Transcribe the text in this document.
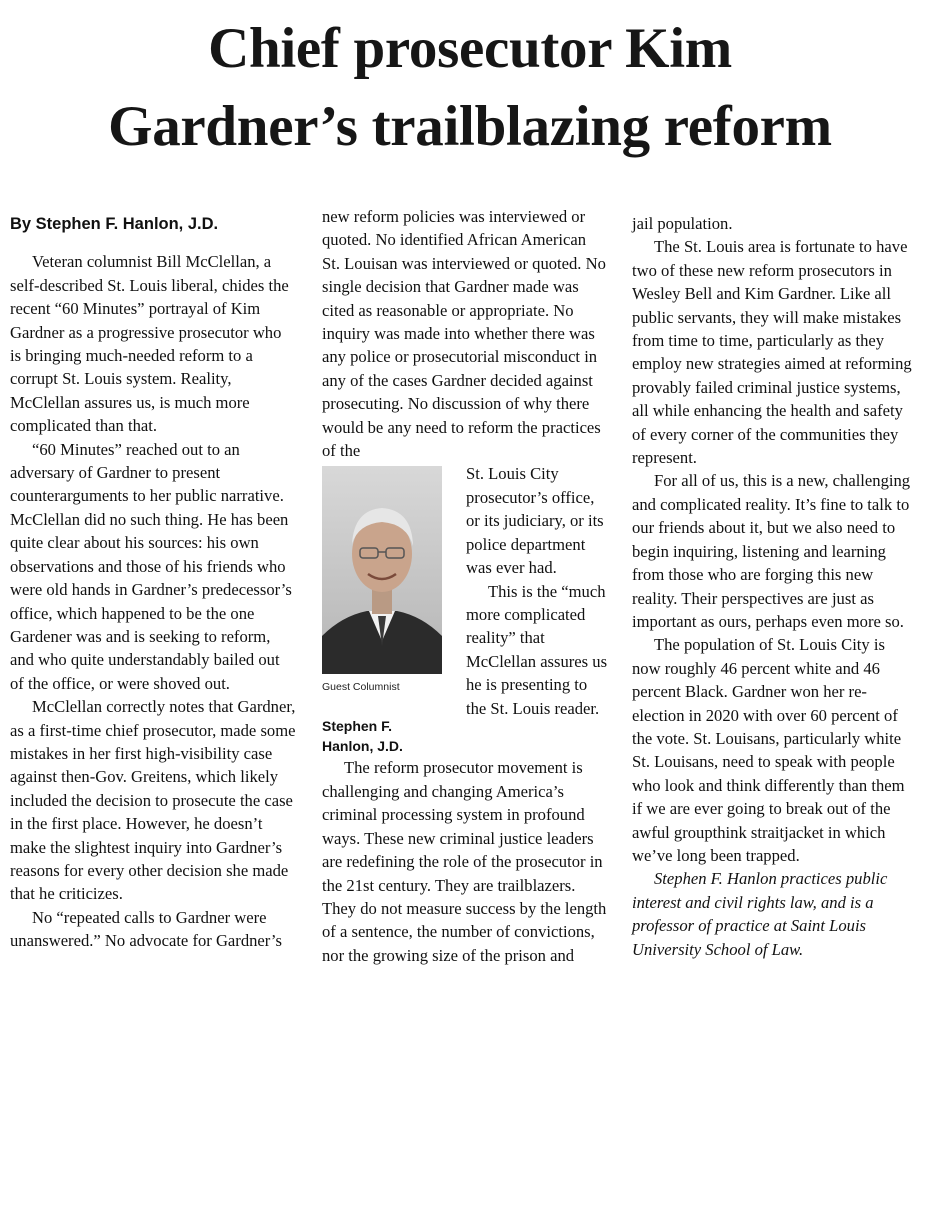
Chief prosecutor Kim
Gardner’s trailblazing reform

By Stephen F. Hanlon, J.D.

Veteran columnist Bill McClellan, a self-described St. Louis liberal, chides the recent “60 Minutes” portrayal of Kim Gardner as a progressive prosecutor who is bringing much-needed reform to a corrupt St. Louis system. Reality, McClellan assures us, is much more complicated than that.

“60 Minutes” reached out to an adversary of Gardner to present counterarguments to her public narrative. McClellan did no such thing. He has been quite clear about his sources: his own observations and those of his friends who were old hands in Gardner’s predecessor’s office, which happened to be the one Gardener was and is seeking to reform, and who quite understandably bailed out of the office, or were shoved out.

McClellan correctly notes that Gardner, as a first-time chief prosecutor, made some mistakes in her first high-visibility case against then-Gov. Greitens, which likely included the decision to prosecute the case in the first place. However, he doesn’t make the slightest inquiry into Gardner’s reasons for every other decision she made that he criticizes.

No “repeated calls to Gardner were unanswered.” No advocate for Gardner’s

new reform policies was interviewed or quoted. No identified African American St. Louisan was interviewed or quoted. No single decision that Gardner made was cited as reasonable or appropriate. No inquiry was made into whether there was any police or prosecutorial misconduct in any of the cases Gardner decided against prosecuting. No discussion of why there would be any need to reform the practices of the

Guest Columnist
Stephen F.
Hanlon, J.D.

St. Louis City prosecutor’s office, or its judiciary, or its police department was ever had.

This is the “much more complicated reality” that McClellan assures us he is presenting to the St. Louis reader.

The reform prosecutor movement is challenging and changing America’s criminal processing system in profound ways. These new criminal justice leaders are redefining the role of the prosecutor in the 21st century. They are trailblazers. They do not measure success by the length of a sentence, the number of convictions, nor the growing size of the prison and

jail population.

The St. Louis area is fortunate to have two of these new reform prosecutors in Wesley Bell and Kim Gardner. Like all public servants, they will make mistakes from time to time, particularly as they employ new strategies aimed at reforming provably failed criminal justice systems, all while enhancing the health and safety of every corner of the communities they represent.

For all of us, this is a new, challenging and complicated reality. It’s fine to talk to our friends about it, but we also need to begin inquiring, listening and learning from those who are forging this new reality. Their perspectives are just as important as ours, perhaps even more so.

The population of St. Louis City is now roughly 46 percent white and 46 percent Black. Gardner won her re-election in 2020 with over 60 percent of the vote. St. Louisans, particularly white St. Louisans, need to speak with people who look and think differently than them if we are ever going to break out of the awful groupthink straitjacket in which we’ve long been trapped.

Stephen F. Hanlon practices public interest and civil rights law, and is a professor of practice at Saint Louis University School of Law.
